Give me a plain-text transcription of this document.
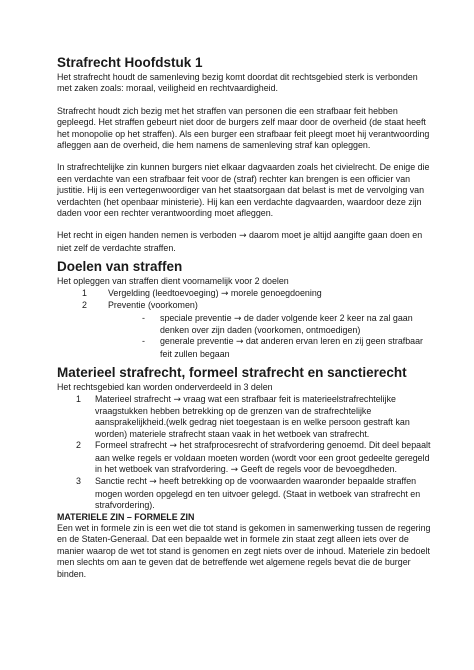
Strafrecht Hoofdstuk 1

Het strafrecht houdt de samenleving bezig komt doordat dit rechtsgebied sterk is verbonden met zaken zoals: moraal, veiligheid en rechtvaardigheid.

Strafrecht houdt zich bezig met het straffen van personen die een strafbaar feit hebben gepleegd. Het straffen gebeurt niet door de burgers zelf maar door de overheid (de staat heeft het monopolie op het straffen). Als een burger een strafbaar feit pleegt moet hij verantwoording afleggen aan de overheid, die hem namens de samenleving straf kan opleggen.

In strafrechtelijke zin kunnen burgers niet elkaar dagvaarden zoals het civielrecht. De enige die een verdachte van een strafbaar feit voor de (straf) rechter kan brengen is een officier van justitie. Hij is een vertegenwoordiger van het staatsorgaan dat belast is met de vervolging van verdachten (het openbaar ministerie). Hij kan een verdachte dagvaarden, waardoor deze zijn daden voor een rechter verantwoording moet afleggen.

Het recht in eigen handen nemen is verboden → daarom moet je altijd aangifte gaan doen en niet zelf de verdachte straffen.

Doelen van straffen

Het opleggen van straffen dient voornamelijk voor 2 doelen

1	Vergelding (leedtoevoeging) → morele genoegdoening
2	Preventie (voorkomen)
-	speciale preventie → de dader volgende keer 2 keer na zal gaan denken over zijn daden (voorkomen, ontmoedigen)
-	generale preventie → dat anderen ervan leren en zij geen strafbaar feit zullen begaan

Materieel strafrecht, formeel strafrecht en sanctierecht

Het rechtsgebied kan worden onderverdeeld in 3 delen

1	Materieel strafrecht → vraag wat een strafbaar feit is materieelstrafrechtelijke vraagstukken hebben betrekking op de grenzen van de strafrechtelijke aansprakelijkheid.(welk gedrag niet toegestaan is en welke persoon gestraft kan worden) materiele strafrecht staan vaak in het wetboek van strafrecht.
2	Formeel strafrecht → het strafprocesrecht of strafvordering genoemd. Dit deel bepaalt aan welke regels er voldaan moeten worden (wordt voor een groot gedeelte geregeld in het wetboek van strafvordering. → Geeft de regels voor de bevoegdheden.
3	Sanctie recht → heeft betrekking op de voorwaarden waaronder bepaalde straffen mogen worden opgelegd en ten uitvoer gelegd. (Staat in wetboek van strafrecht en strafvordering).

MATERIELE ZIN – FORMELE ZIN

Een wet in formele zin is een wet die tot stand is gekomen in samenwerking tussen de regering en de Staten-Generaal. Dat een bepaalde wet in formele zin staat zegt alleen iets over de manier waarop de wet tot stand is genomen en zegt niets over de inhoud. Materiele zin bedoelt men slechts om aan te geven dat de betreffende wet algemene regels bevat die de burger binden.
